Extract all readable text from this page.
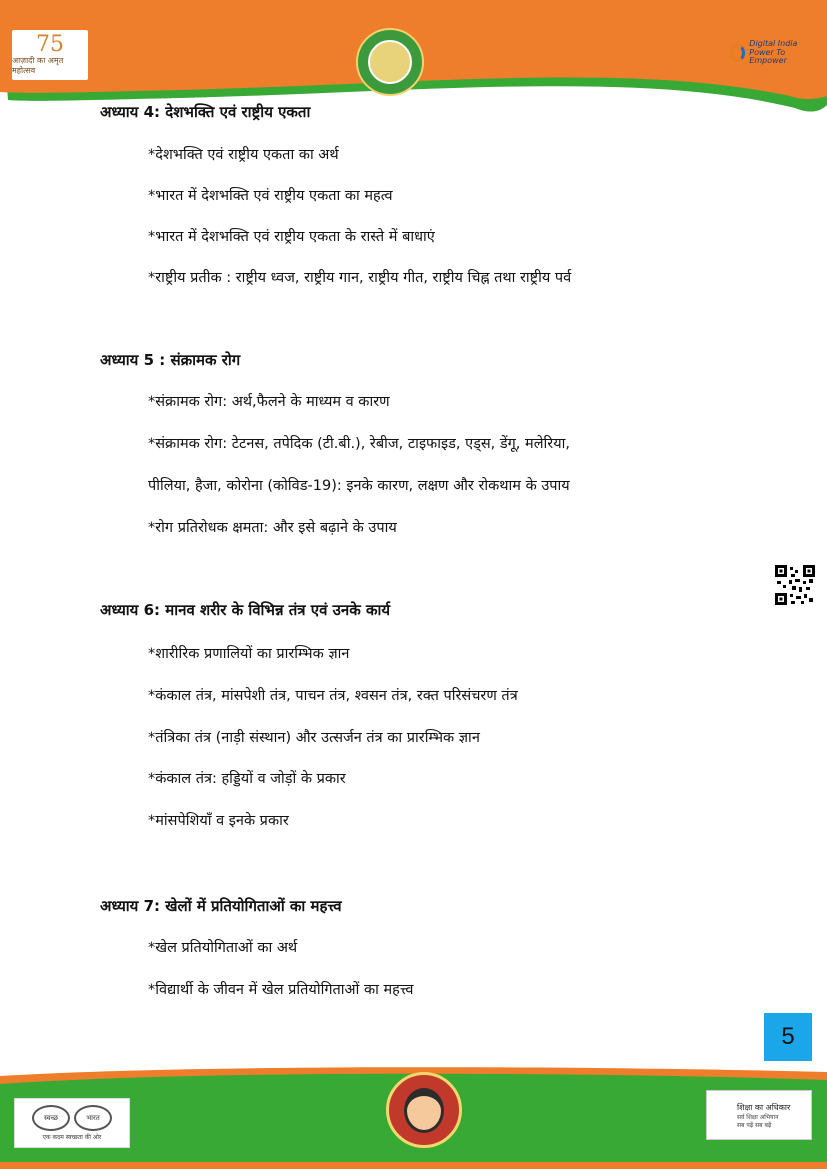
75
आज़ादी का अमृत महोत्सव
Digital India
Power To Empower
अध्याय 4: देशभक्ति एवं राष्ट्रीय एकता
*देशभक्ति एवं राष्ट्रीय एकता का अर्थ
*भारत में देशभक्ति एवं राष्ट्रीय एकता का महत्व
*भारत में देशभक्ति एवं राष्ट्रीय एकता के रास्ते में बाधाएं
*राष्ट्रीय प्रतीक : राष्ट्रीय ध्वज, राष्ट्रीय गान, राष्ट्रीय गीत, राष्ट्रीय चिह्न तथा राष्ट्रीय पर्व
अध्याय 5 : संक्रामक रोग
*संक्रामक रोग: अर्थ,फैलने के माध्यम व कारण
*संक्रामक रोग: टेटनस, तपेदिक (टी.बी.), रेबीज, टाइफाइड, एड्स, डेंगू, मलेरिया,
पीलिया, हैजा, कोरोना (कोविड-19): इनके कारण, लक्षण और रोकथाम के उपाय
*रोग प्रतिरोधक क्षमता: और इसे बढ़ाने के उपाय
अध्याय 6: मानव शरीर के विभिन्न तंत्र एवं उनके कार्य
*शारीरिक प्रणालियों का प्रारम्भिक ज्ञान
*कंकाल तंत्र, मांसपेशी तंत्र, पाचन तंत्र, श्वसन तंत्र, रक्त परिसंचरण तंत्र
*तंत्रिका तंत्र (नाड़ी संस्थान) और उत्सर्जन तंत्र का प्रारम्भिक ज्ञान
*कंकाल तंत्र: हड्डियों व जोड़ों के प्रकार
*मांसपेशियाँ व इनके प्रकार
अध्याय 7: खेलों में प्रतियोगिताओं का महत्त्व
*खेल प्रतियोगिताओं का अर्थ
*विद्यार्थी के जीवन में खेल प्रतियोगिताओं का महत्त्व
5
स्वच्छ	भारत
एक कदम स्वच्छता की ओर
शिक्षा का अधिकार
सर्व शिक्षा अभियान
सब पढ़ें सब बढ़ें
